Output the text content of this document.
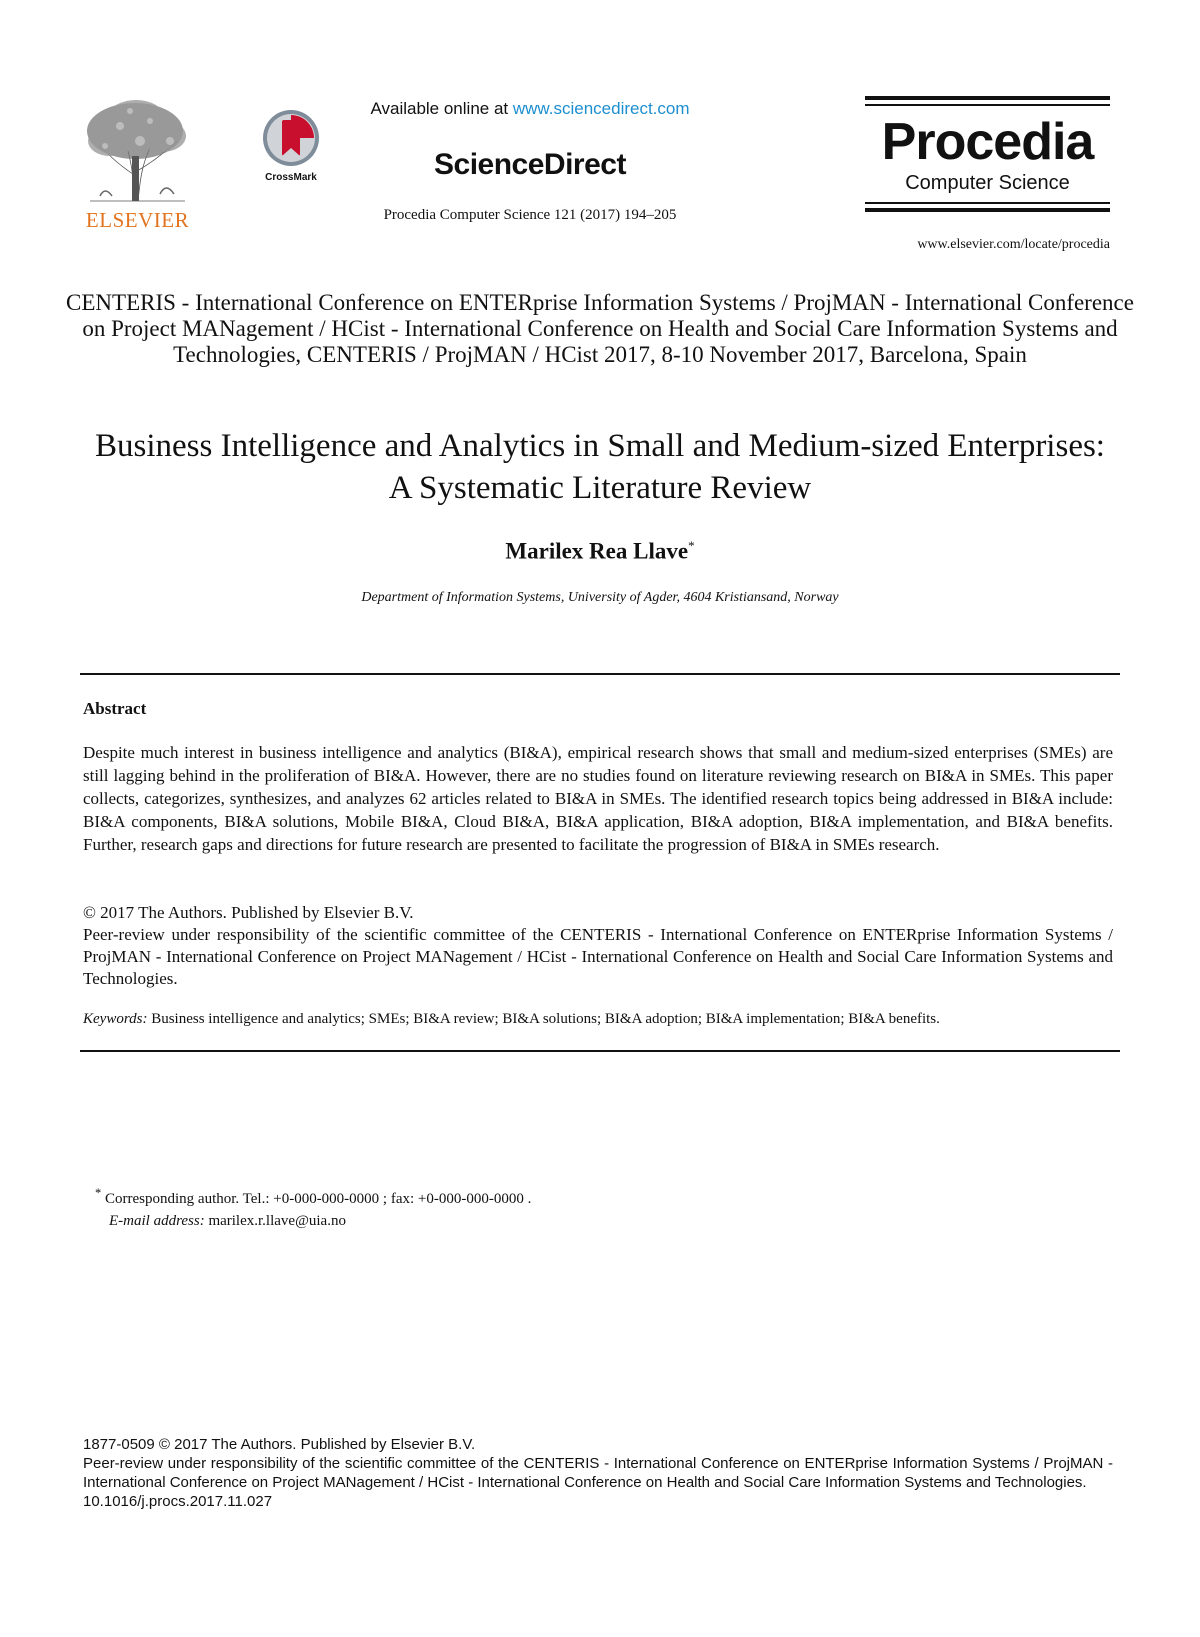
ELSEVIER
CrossMark
Available online at www.sciencedirect.com
ScienceDirect
Procedia Computer Science 121 (2017) 194–205
Procedia
Computer Science
www.elsevier.com/locate/procedia
CENTERIS - International Conference on ENTERprise Information Systems / ProjMAN - International Conference on Project MANagement / HCist - International Conference on Health and Social Care Information Systems and Technologies, CENTERIS / ProjMAN / HCist 2017, 8-10 November 2017, Barcelona, Spain
Business Intelligence and Analytics in Small and Medium-sized Enterprises: A Systematic Literature Review
Marilex Rea Llave*
Department of Information Systems, University of Agder, 4604 Kristiansand, Norway
Abstract
Despite much interest in business intelligence and analytics (BI&A), empirical research shows that small and medium-sized enterprises (SMEs) are still lagging behind in the proliferation of BI&A. However, there are no studies found on literature reviewing research on BI&A in SMEs. This paper collects, categorizes, synthesizes, and analyzes 62 articles related to BI&A in SMEs. The identified research topics being addressed in BI&A include: BI&A components, BI&A solutions, Mobile BI&A, Cloud BI&A, BI&A application, BI&A adoption, BI&A implementation, and BI&A benefits. Further, research gaps and directions for future research are presented to facilitate the progression of BI&A in SMEs research.
© 2017 The Authors. Published by Elsevier B.V.
Peer-review under responsibility of the scientific committee of the CENTERIS - International Conference on ENTERprise Information Systems / ProjMAN - International Conference on Project MANagement / HCist - International Conference on Health and Social Care Information Systems and Technologies.
Keywords: Business intelligence and analytics; SMEs; BI&A review; BI&A solutions; BI&A adoption; BI&A implementation; BI&A benefits.
* Corresponding author. Tel.: +0-000-000-0000 ; fax: +0-000-000-0000 .
E-mail address: marilex.r.llave@uia.no
1877-0509 © 2017 The Authors. Published by Elsevier B.V.
Peer-review under responsibility of the scientific committee of the CENTERIS - International Conference on ENTERprise Information Systems / ProjMAN - International Conference on Project MANagement / HCist - International Conference on Health and Social Care Information Systems and Technologies.
10.1016/j.procs.2017.11.027
